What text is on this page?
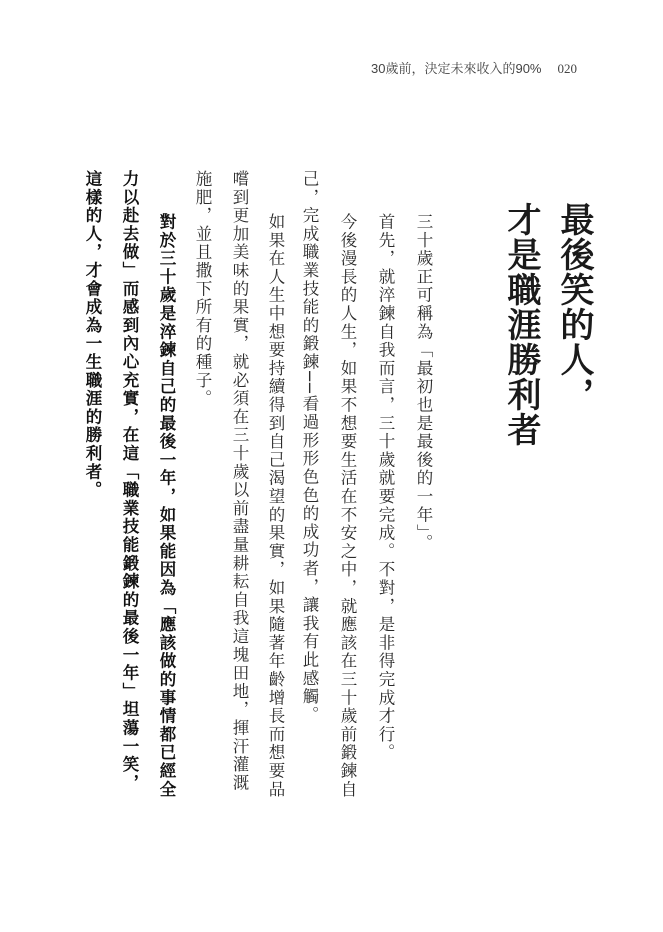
30歲前，決定未來收入的90% 020
最後笑的人，
才是職涯勝利者
三十歲正可稱為「最初也是最後的一年」。
首先，就淬鍊自我而言，三十歲就要完成。不對，是非得完成才行。
今後漫長的人生，如果不想要生活在不安之中，就應該在三十歲前鍛鍊自
己，完成職業技能的鍛鍊──看過形形色色的成功者，讓我有此感觸。
如果在人生中想要持續得到自己渴望的果實，如果隨著年齡增長而想要品
嚐到更加美味的果實，就必須在三十歲以前盡量耕耘自我這塊田地，揮汗灌溉
施肥，並且撒下所有的種子。
對於三十歲是淬鍊自己的最後一年，如果能因為「應該做的事情都已經全
力以赴去做」而感到內心充實，在這「職業技能鍛鍊的最後一年」坦蕩一笑，
這樣的人，才會成為一生職涯的勝利者。
